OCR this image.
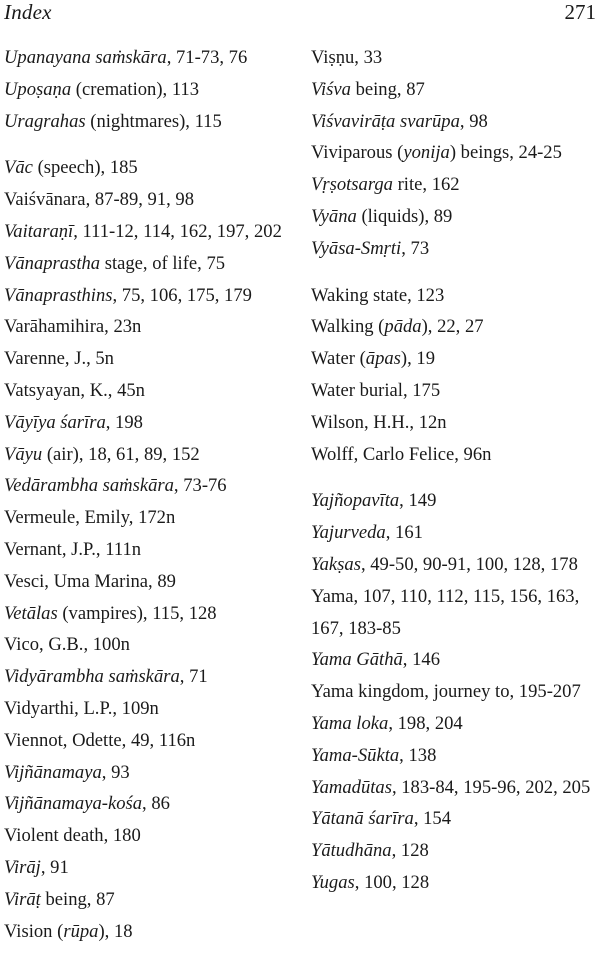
Index	271

Upanayana saṁskāra, 71-73, 76

Upoṣaṇa (cremation), 113

Uragrahas (nightmares), 115

Vāc (speech), 185

Vaiśvānara, 87-89, 91, 98

Vaitaraṇī, 111-12, 114, 162, 197, 202

Vānaprastha stage, of life, 75

Vānaprasthins, 75, 106, 175, 179

Varāhamihira, 23n

Varenne, J., 5n

Vatsyayan, K., 45n

Vāyīya śarīra, 198

Vāyu (air), 18, 61, 89, 152

Vedārambha saṁskāra, 73-76

Vermeule, Emily, 172n

Vernant, J.P., 111n

Vesci, Uma Marina, 89

Vetālas (vampires), 115, 128

Vico, G.B., 100n

Vidyārambha saṁskāra, 71

Vidyarthi, L.P., 109n

Viennot, Odette, 49, 116n

Vijñānamaya, 93

Vijñānamaya-kośa, 86

Violent death, 180

Virāj, 91

Virāṭ being, 87

Vision (rūpa), 18

Viṣṇu, 33

Viśva being, 87

Viśvavirāṭa svarūpa, 98

Viviparous (yonija) beings, 24-25

Vṛṣotsarga rite, 162

Vyāna (liquids), 89

Vyāsa-Smṛti, 73

Waking state, 123

Walking (pāda), 22, 27

Water (āpas), 19

Water burial, 175

Wilson, H.H., 12n

Wolff, Carlo Felice, 96n

Yajñopavīta, 149

Yajurveda, 161

Yakṣas, 49-50, 90-91, 100, 128, 178

Yama, 107, 110, 112, 115, 156, 163, 167, 183-85

Yama Gāthā, 146

Yama kingdom, journey to, 195-207

Yama loka, 198, 204

Yama-Sūkta, 138

Yamadūtas, 183-84, 195-96, 202, 205

Yātanā śarīra, 154

Yātudhāna, 128

Yugas, 100, 128
